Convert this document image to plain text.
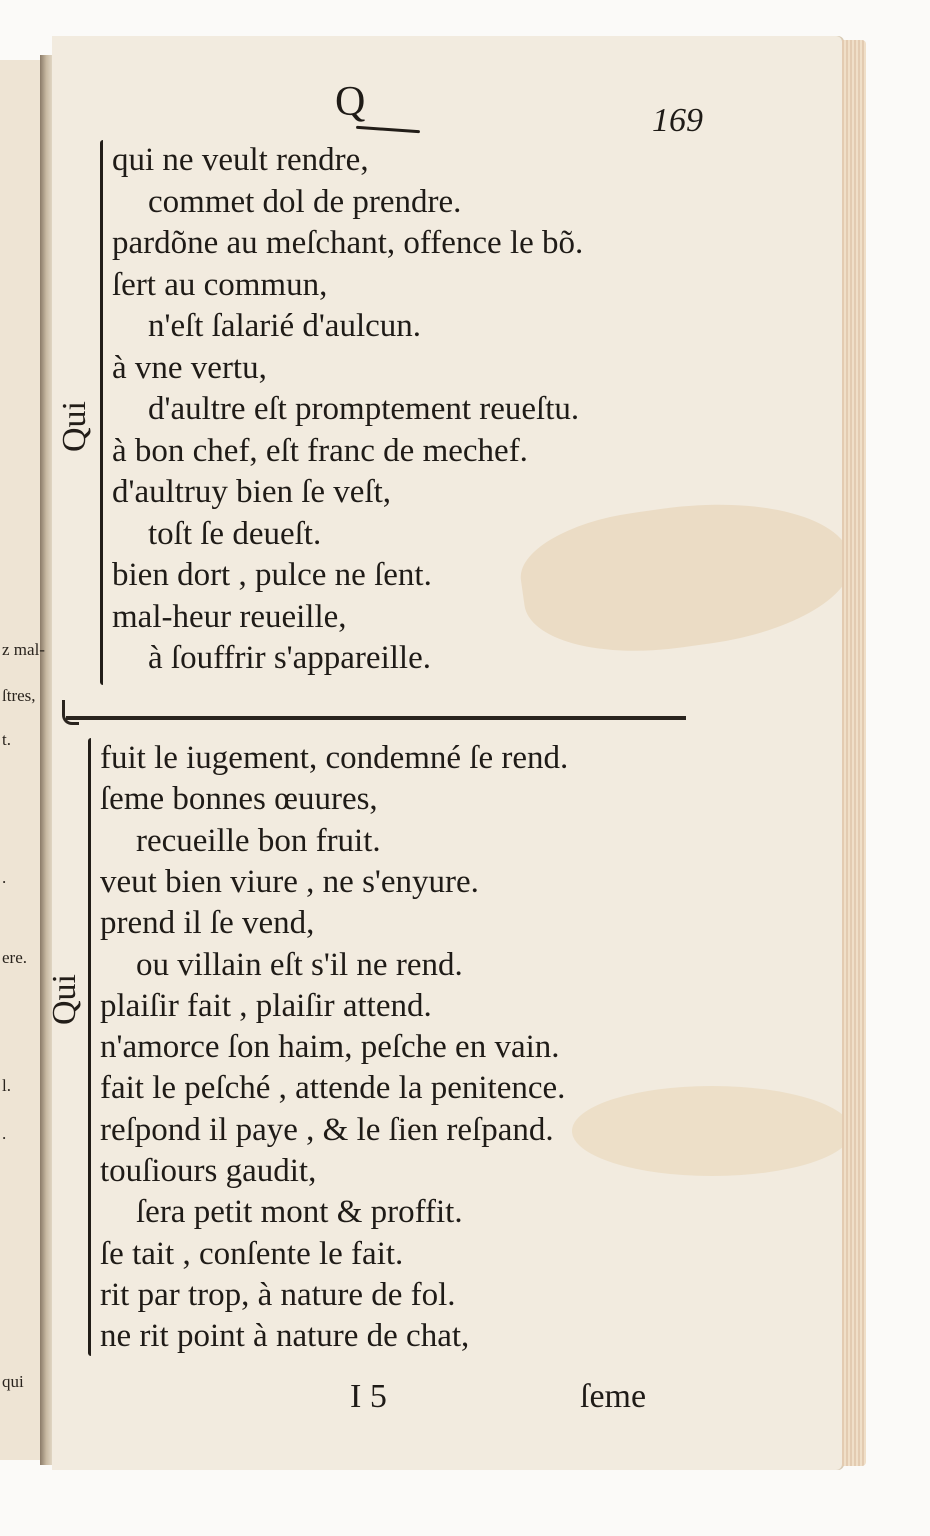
z mal-
ſtres,
t.
.
ere.
l.
.
qui
Q	169
Qui
qui ne veult rendre,
commet dol de prendre.
pardõne au meſchant, offence le bõ.
ſert au commun,
n'eſt ſalarié d'aulcun.
à vne vertu,
d'aultre eſt promptement reueſtu.
à bon chef, eſt franc de mechef.
d'aultruy bien ſe veſt,
toſt ſe deueſt.
bien dort , pulce ne ſent.
mal-heur reueille,
à ſouffrir s'appareille.
Qui
fuit le iugement, condemné ſe rend.
ſeme bonnes œuures,
recueille bon fruit.
veut bien viure , ne s'enyure.
prend il ſe vend,
ou villain eſt s'il ne rend.
plaiſir fait , plaiſir attend.
n'amorce ſon haim, peſche en vain.
fait le peſché , attende la penitence.
reſpond il paye , & le ſien reſpand.
touſiours gaudit,
ſera petit mont & proffit.
ſe tait , conſente le fait.
rit par trop, à nature de fol.
ne rit point à nature de chat,
I 5	ſeme
